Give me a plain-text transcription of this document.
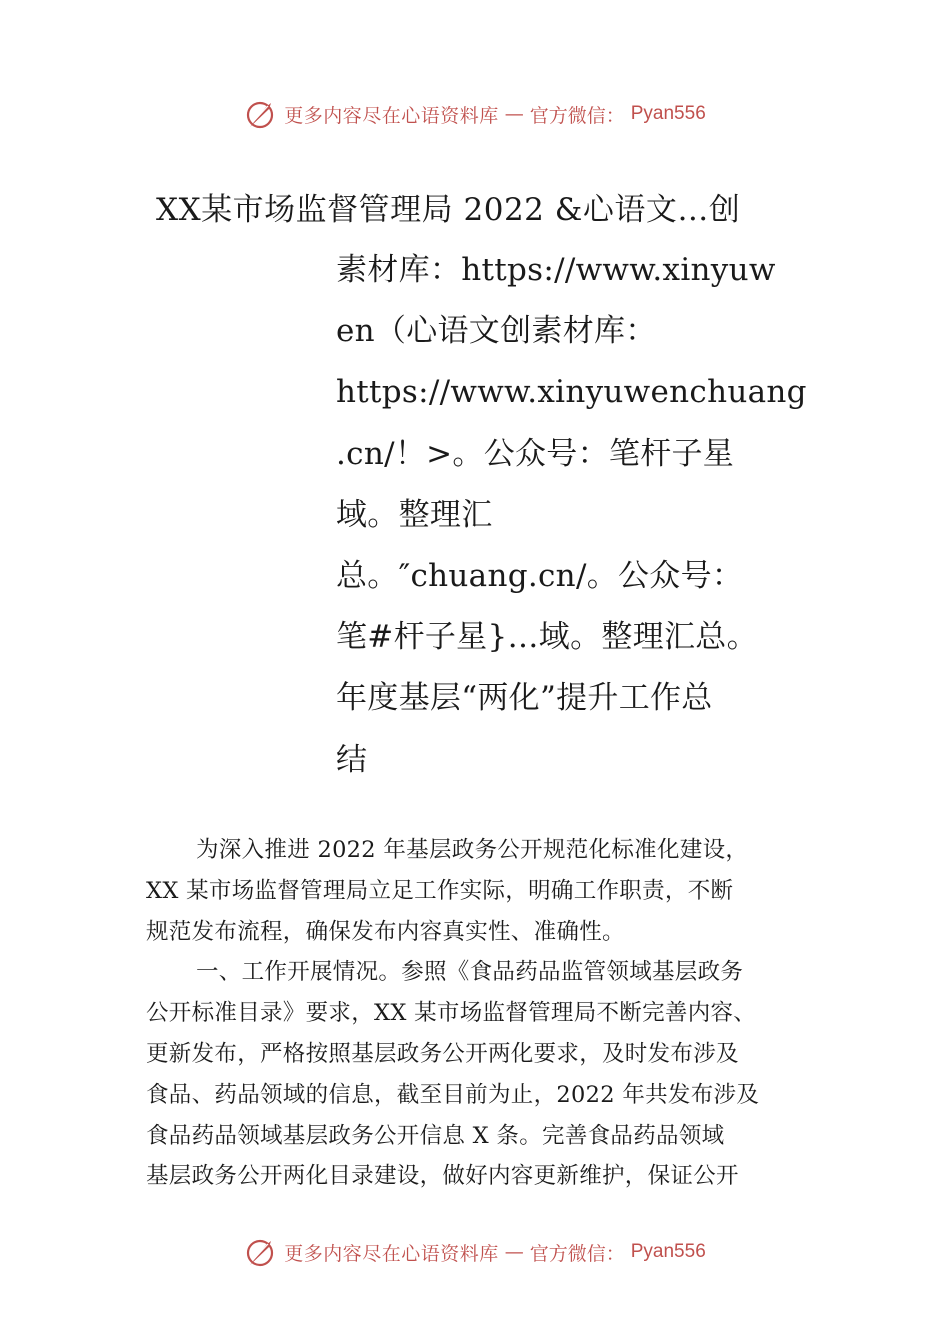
更多内容尽在心语资料库 — 官方微信： Pyan556
XX某市场监督管理局 2022 &心语文…创
素材库：https://www.xinyuw
en（心语文创素材库：
https://www.xinyuwenchuang
.cn/！>。公众号：笔杆子星
域。整理汇
总。″chuang.cn/。公众号：
笔#杆子星}…域。整理汇总。
年度基层“两化”提升工作总
结
为深入推进 2022 年基层政务公开规范化标准化建设，
XX 某市场监督管理局立足工作实际，明确工作职责，不断
规范发布流程，确保发布内容真实性、准确性。
一、工作开展情况。参照《食品药品监管领域基层政务
公开标准目录》要求，XX 某市场监督管理局不断完善内容、
更新发布，严格按照基层政务公开两化要求，及时发布涉及
食品、药品领域的信息，截至目前为止，2022 年共发布涉及
食品药品领域基层政务公开信息 X 条。完善食品药品领域
基层政务公开两化目录建设，做好内容更新维护，保证公开
更多内容尽在心语资料库 — 官方微信： Pyan556
